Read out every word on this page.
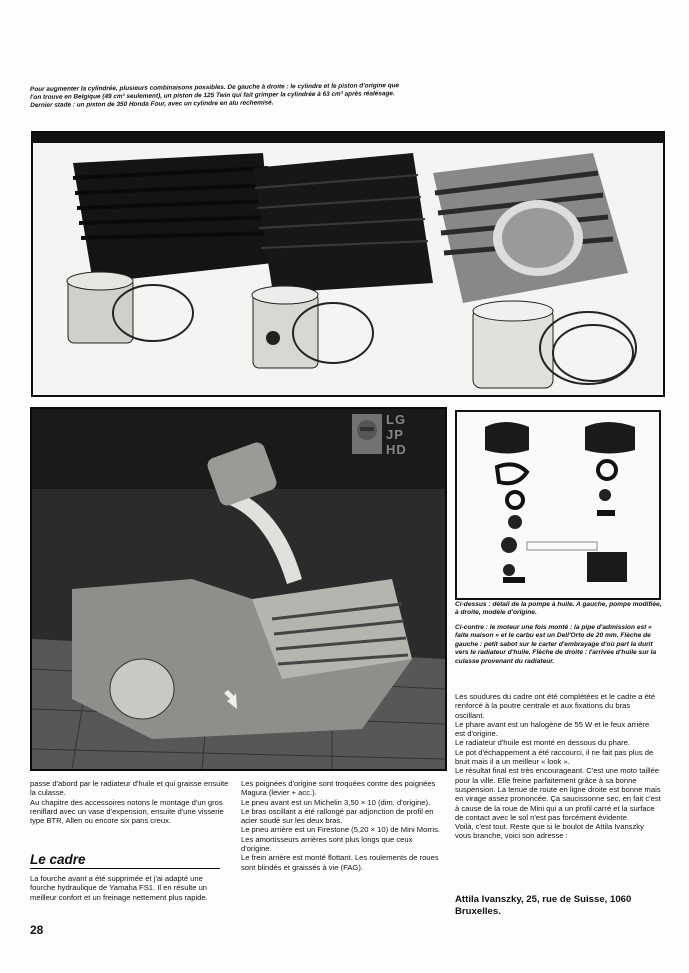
Pour augmenter la cylindrée, plusieurs combinaisons possibles. De gauche à droite : le cylindre et le piston d'origine que
l'on trouve en Belgique (49 cm³ seulement), un piston de 125 Twin qui fait grimper la cylindrée à 63 cm³ après réalésage.
Dernier stade : un piston de 350 Honda Four, avec un cylindre en alu rechemisé.
LG
JP
HD
Ci-dessus : détail de la pompe à huile. A gauche, pompe modifiée, à droite, modèle d'origine.
Ci-contre : le moteur une fois monté : la pipe d'admission est « faite maison » et le carbu est un Dell'Orto de 20 mm. Flèche de gauche : petit sabot sur le carter d'embrayage d'où part la durit vers le radiateur d'huile. Flèche de droite : l'arrivée d'huile sur la culasse provenant du radiateur.

Les soudures du cadre ont été complétées et le cadre a été renforcé à la poutre centrale et aux fixations du bras oscillant.

Le phare avant est un halogène de 55 W et le feux arrière est d'origine.

Le radiateur d'huile est monté en dessous du phare.

Le pot d'échappement a été raccourci, il ne fait pas plus de bruit mais il a un meilleur « look ».

Le résultat final est très encourageant. C'est une moto taillée pour la ville. Elle freine parfaitement grâce à sa bonne suspension. La tenue de route en ligne droite est bonne mais en virage assez prononcée. Ça saucissonne sec, en fait c'est à cause de la roue de Mini qui a un profil carré et la surface de contact avec le sol n'est pas forcément évidente.

Voilà, c'est tout. Reste que si le boulot de Attila Ivanszky vous branche, voici son adresse :

Attila Ivanszky, 25, rue de Suisse, 1060 Bruxelles.

passe d'abord par le radiateur d'huile et qui graisse ensuite la culasse.

Au chapitre des accessoires notons le montage d'un gros reniflard avec un vase d'expension, ensuite d'une visserie type BTR, Allen ou encore six pans creux.

Le cadre

La fourche avant a été supprimée et j'ai adapté une fourche hydraulique de Yamaha FS1. Il en résulte un meilleur confort et un freinage nettement plus rapide.

Les poignées d'origine sont troquées contre des poignées Magura (levier + acc.).

Le pneu avant est un Michelin 3,50 × 10 (dim. d'origine).

Le bras oscillant a été rallongé par adjonction de profil en acier soudé sur les deux bras.

Le pneu arrière est un Firestone (5,20 × 10) de Mini Morris.

Les amortisseurs arrières sont plus longs que ceux d'origine.

Le frein arrière est monté flottant. Les roulements de roues sont blindés et graissés à vie (FAG).

28
